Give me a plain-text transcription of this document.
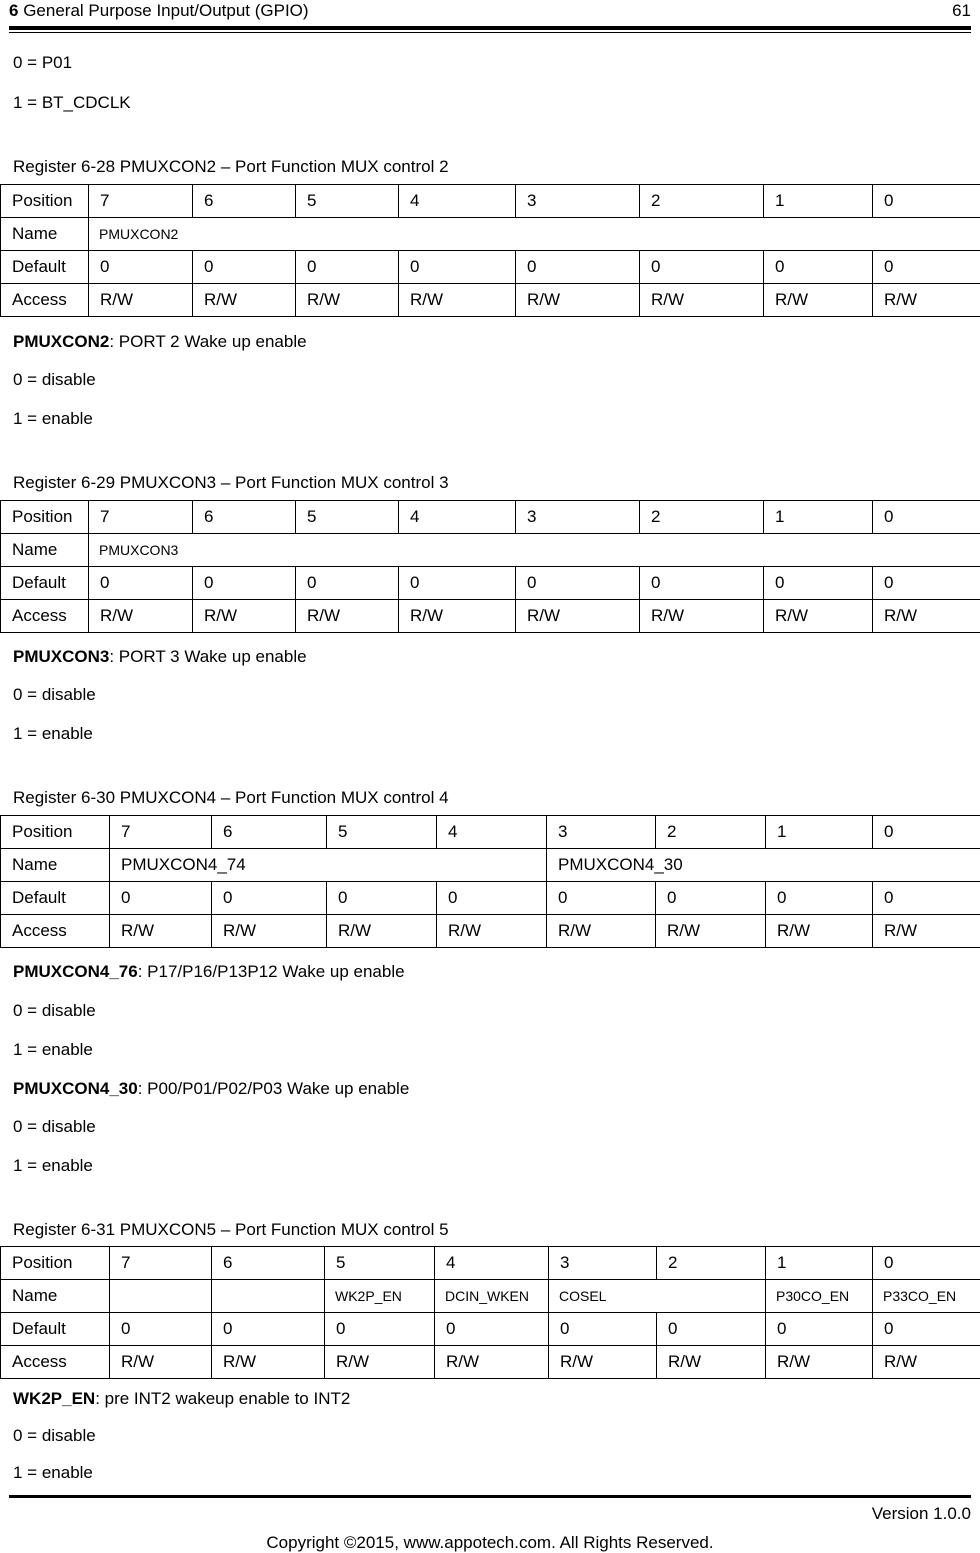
6 General Purpose Input/Output (GPIO)	61
0 = P01
1 = BT_CDCLK
Register 6-28 PMUXCON2 – Port Function MUX control 2
Position	7	6	5	4	3	2	1	0
Name	PMUXCON2							
Default	0	0	0	0	0	0	0	0
Access	R/W	R/W	R/W	R/W	R/W	R/W	R/W	R/W
PMUXCON2: PORT 2 Wake up enable
0 = disable
1 = enable
Register 6-29 PMUXCON3 – Port Function MUX control 3
Position	7	6	5	4	3	2	1	0
Name	PMUXCON3							
Default	0	0	0	0	0	0	0	0
Access	R/W	R/W	R/W	R/W	R/W	R/W	R/W	R/W
PMUXCON3: PORT 3 Wake up enable
0 = disable
1 = enable
Register 6-30 PMUXCON4 – Port Function MUX control 4
Position	7	6	5	4	3	2	1	0
Name	PMUXCON4_74				PMUXCON4_30			
Default	0	0	0	0	0	0	0	0
Access	R/W	R/W	R/W	R/W	R/W	R/W	R/W	R/W
PMUXCON4_76: P17/P16/P13P12 Wake up enable
0 = disable
1 = enable
PMUXCON4_30: P00/P01/P02/P03 Wake up enable
0 = disable
1 = enable
Register 6-31 PMUXCON5 – Port Function MUX control 5
Position	7	6	5	4	3	2	1	0
Name			WK2P_EN	DCIN_WKEN	COSEL		P30CO_EN	P33CO_EN
Default	0	0	0	0	0	0	0	0
Access	R/W	R/W	R/W	R/W	R/W	R/W	R/W	R/W
WK2P_EN: pre INT2 wakeup enable to INT2
0 = disable
1 = enable
Version 1.0.0
Copyright ©2015, www.appotech.com. All Rights Reserved.
